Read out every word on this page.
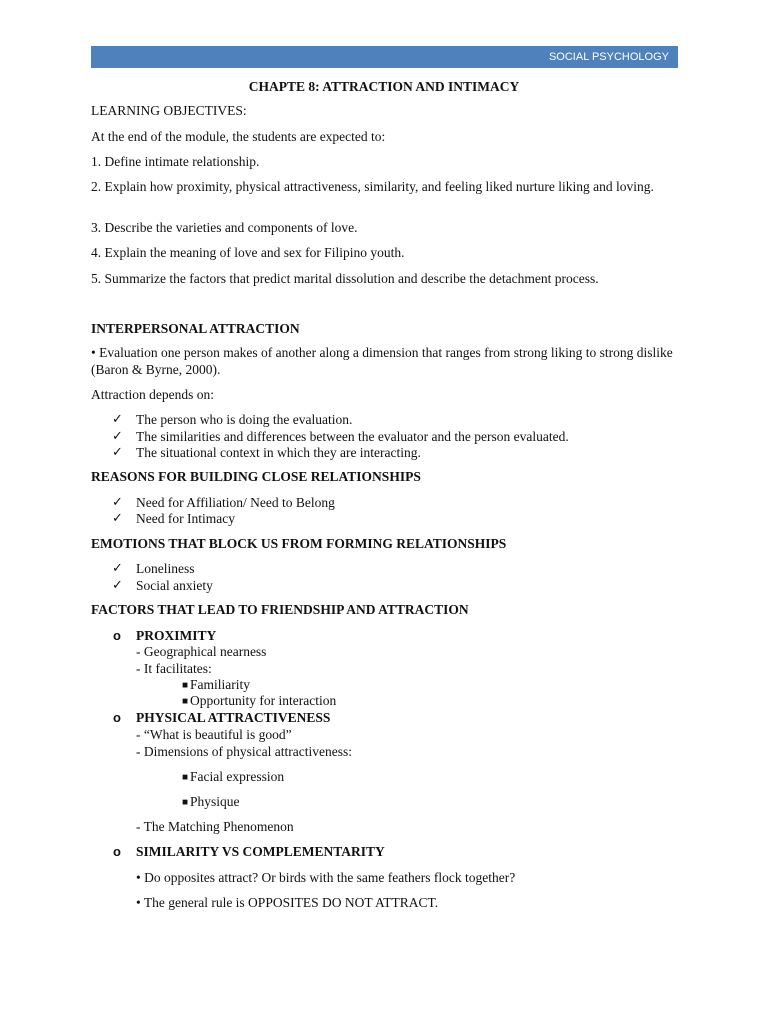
SOCIAL PSYCHOLOGY
CHAPTE 8: ATTRACTION AND INTIMACY
LEARNING OBJECTIVES:
At the end of the module, the students are expected to:
1. Define intimate relationship.
2. Explain how proximity, physical attractiveness, similarity, and feeling liked nurture liking and loving.
3. Describe the varieties and components of love.
4. Explain the meaning of love and sex for Filipino youth.
5. Summarize the factors that predict marital dissolution and describe the detachment process.
INTERPERSONAL ATTRACTION
• Evaluation one person makes of another along a dimension that ranges from strong liking to strong dislike (Baron & Byrne, 2000).
Attraction depends on:
✓ The person who is doing the evaluation.
✓ The similarities and differences between the evaluator and the person evaluated.
✓ The situational context in which they are interacting.
REASONS FOR BUILDING CLOSE RELATIONSHIPS
✓ Need for Affiliation/ Need to Belong
✓ Need for Intimacy
EMOTIONS THAT BLOCK US FROM FORMING RELATIONSHIPS
✓ Loneliness
✓ Social anxiety
FACTORS THAT LEAD TO FRIENDSHIP AND ATTRACTION
o PROXIMITY
- Geographical nearness
- It facilitates:
■ Familiarity
■ Opportunity for interaction
o PHYSICAL ATTRACTIVENESS
- “What is beautiful is good”
- Dimensions of physical attractiveness:
■ Facial expression
■ Physique
- The Matching Phenomenon
o SIMILARITY VS COMPLEMENTARITY
• Do opposites attract? Or birds with the same feathers flock together?
• The general rule is OPPOSITES DO NOT ATTRACT.
